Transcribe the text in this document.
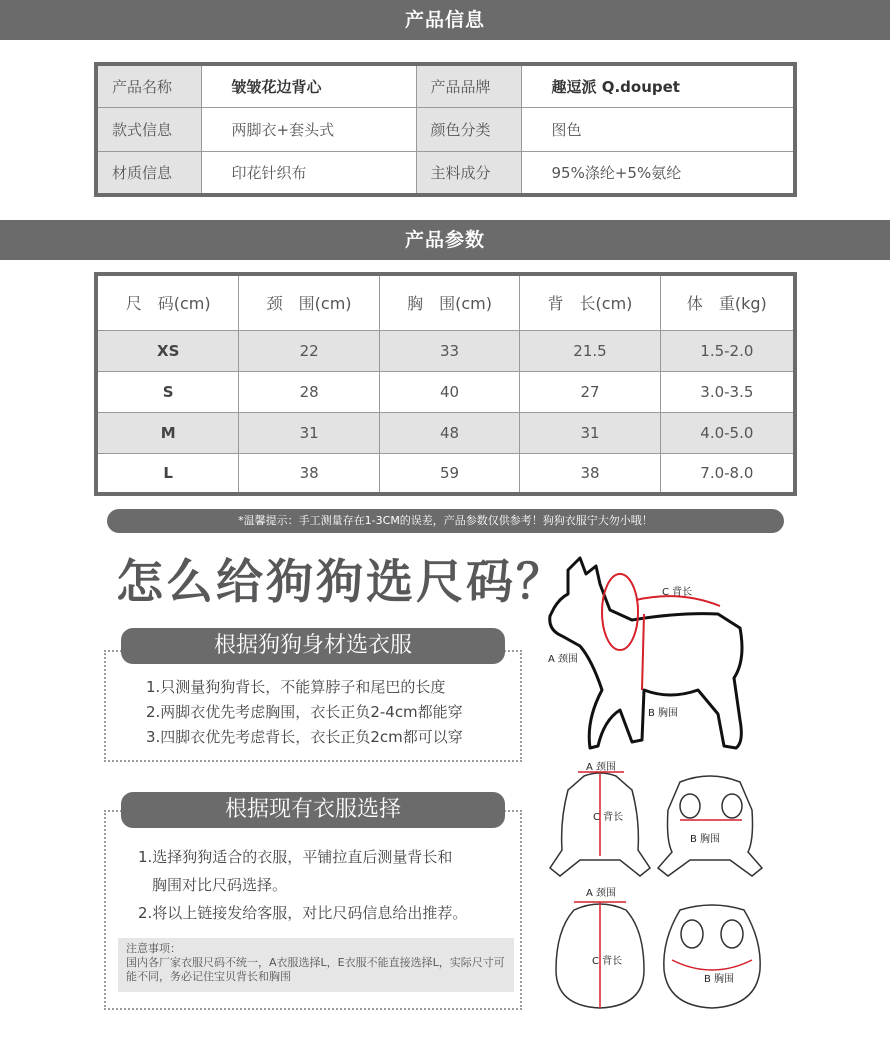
产品信息
产品名称	皱皱花边背心	产品品牌	趣逗派 Q.doupet
款式信息	两脚衣+套头式	颜色分类	图色
材质信息	印花针织布	主料成分	95%涤纶+5%氨纶
产品参数
尺　码(cm)	颈　围(cm)	胸　围(cm)	背　长(cm)	体　重(kg)
XS	22	33	21.5	1.5-2.0
S	28	40	27	3.0-3.5
M	31	48	31	4.0-5.0
L	38	59	38	7.0-8.0
*温馨提示：手工测量存在1-3CM的误差，产品参数仅供参考！狗狗衣服宁大勿小哦！
怎么给狗狗选尺码？
根据狗狗身材选衣服
1.只测量狗狗背长，不能算脖子和尾巴的长度
2.两脚衣优先考虑胸围，衣长正负2-4cm都能穿
3.四脚衣优先考虑背长，衣长正负2cm都可以穿
根据现有衣服选择
1.选择狗狗适合的衣服，平铺拉直后测量背长和
胸围对比尺码选择。
2.将以上链接发给客服，对比尺码信息给出推荐。
注意事项：
国内各厂家衣服尺码不统一，A衣服选择L，E衣服不能直接选择L，实际尺寸可能不同，务必记住宝贝背长和胸围
C 背长
A 颈围
B 胸围
A 颈围
C 背长
B 胸围
A 颈围
C 背长
B 胸围
